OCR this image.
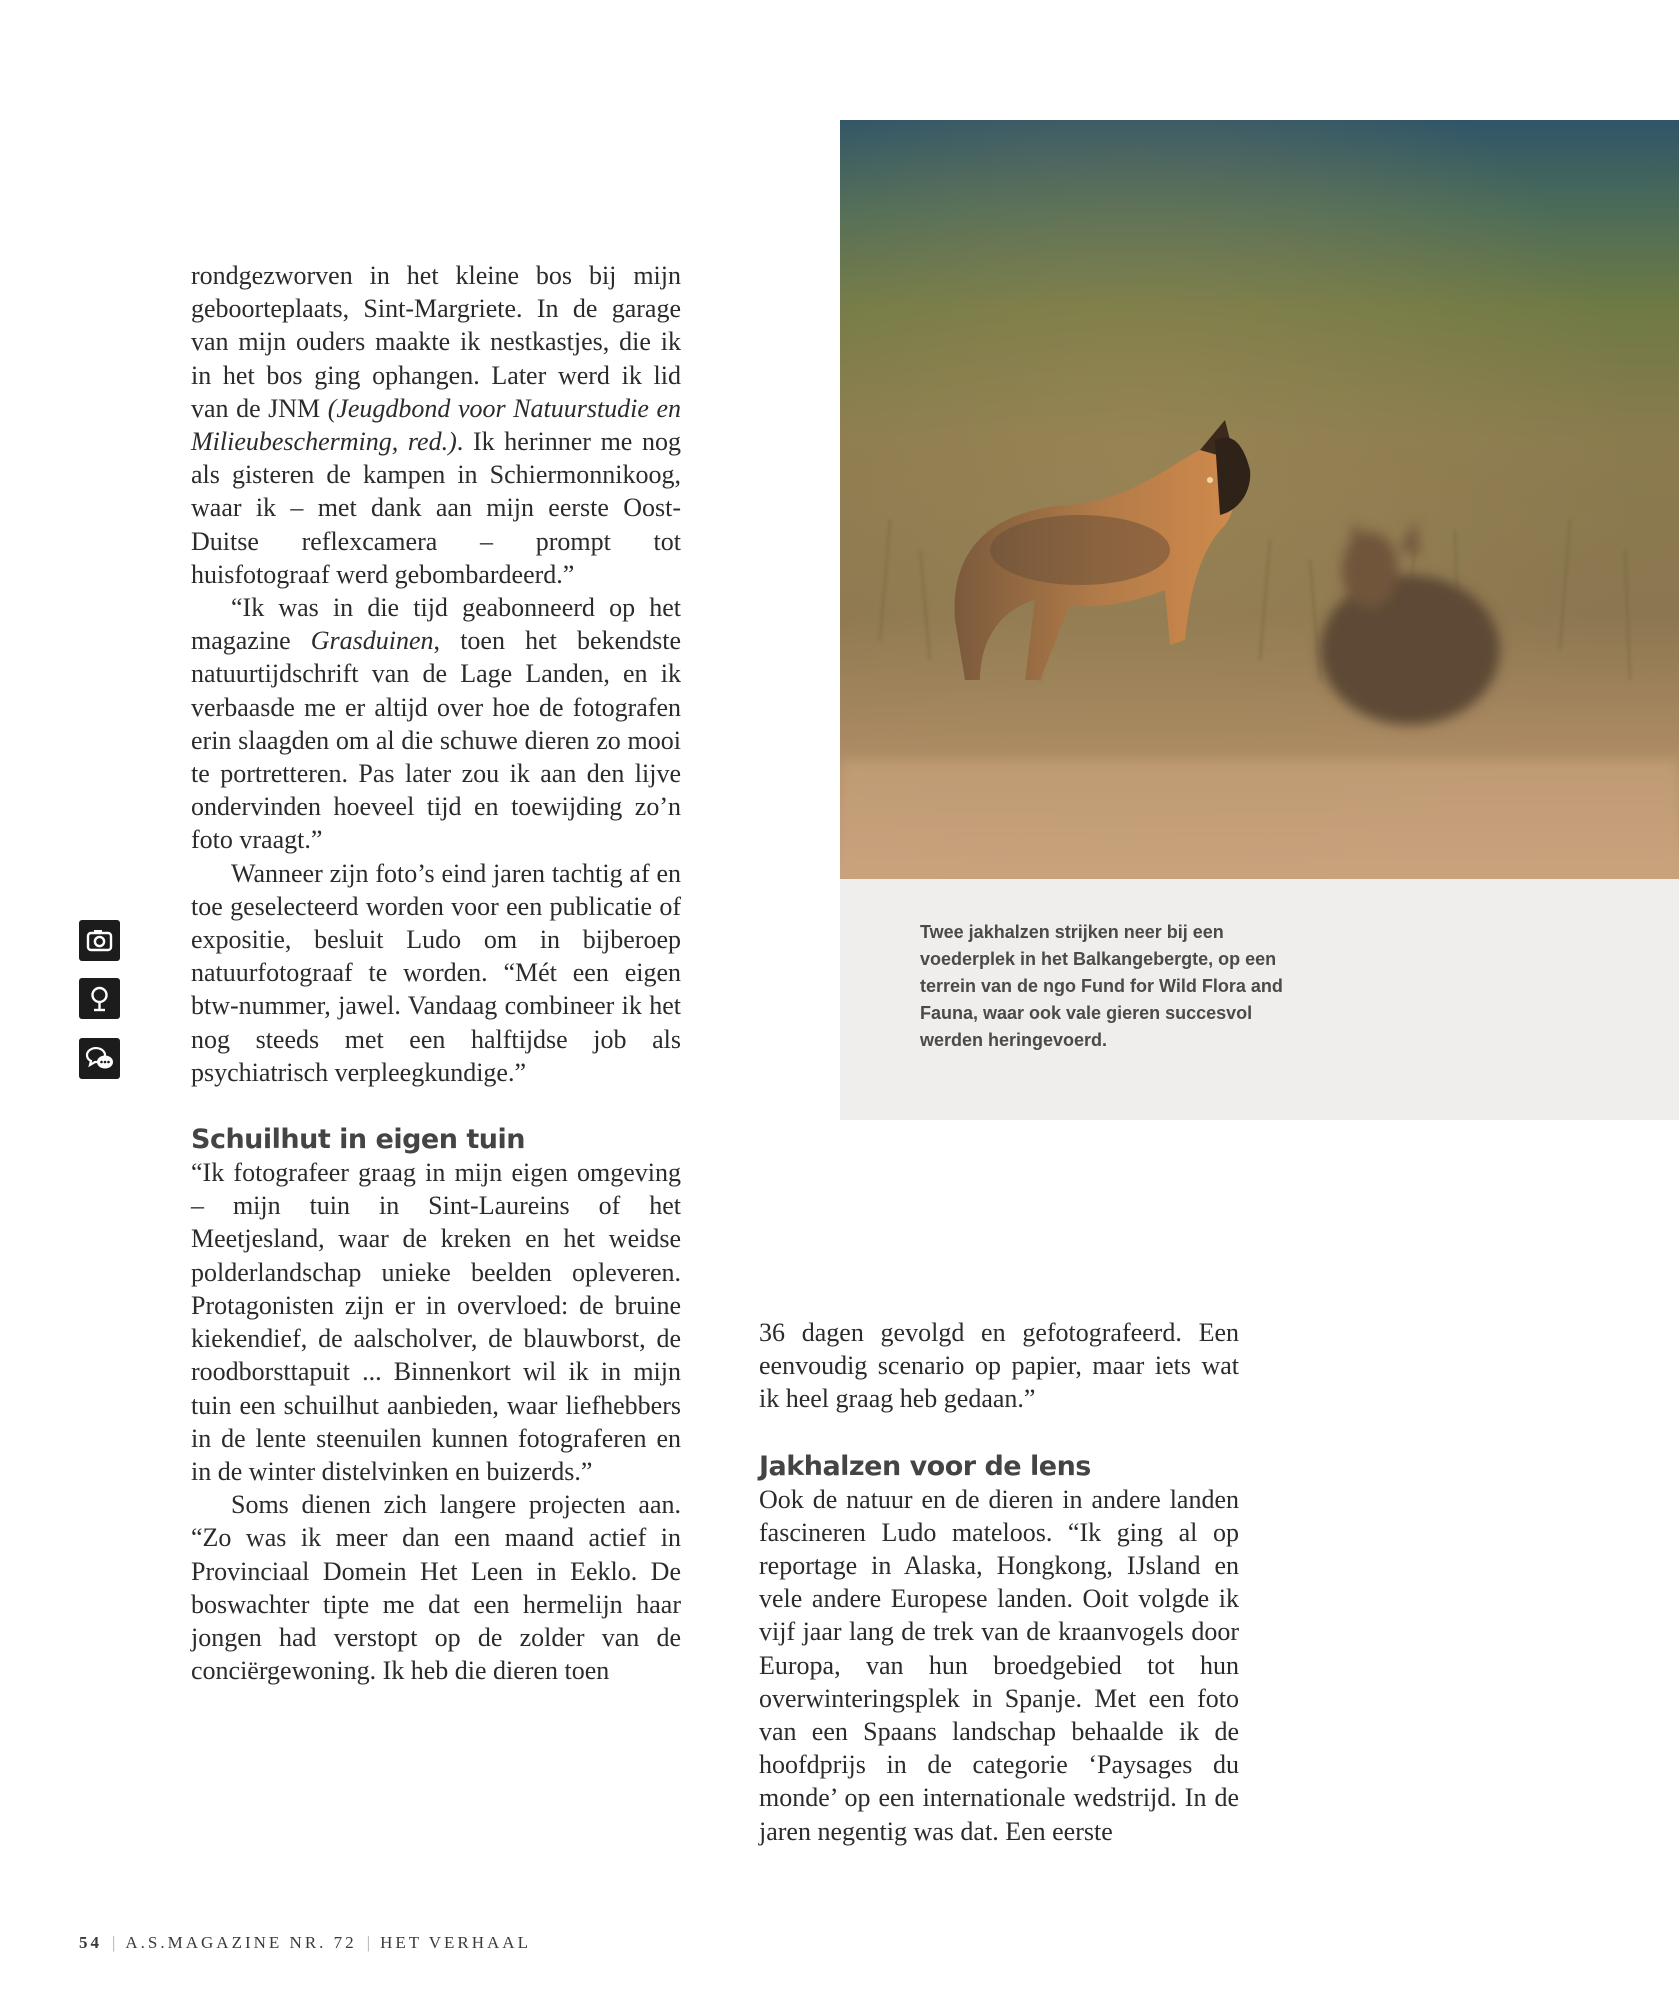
rondgezworven in het kleine bos bij mijn geboorteplaats, Sint-Margriete. In de garage van mijn ouders maakte ik nestkastjes, die ik in het bos ging ophangen. Later werd ik lid van de JNM (Jeugdbond voor Natuurstudie en Milieubescherming, red.). Ik herinner me nog als gisteren de kampen in Schiermonnikoog, waar ik – met dank aan mijn eerste Oost-Duitse reflexcamera – prompt tot huisfotograaf werd gebombardeerd.”

“Ik was in die tijd geabonneerd op het magazine Grasduinen, toen het bekendste natuurtijdschrift van de Lage Landen, en ik verbaasde me er altijd over hoe de fotografen erin slaagden om al die schuwe dieren zo mooi te portretteren. Pas later zou ik aan den lijve ondervinden hoeveel tijd en toewijding zo’n foto vraagt.”

Wanneer zijn foto’s eind jaren tachtig af en toe geselecteerd worden voor een publicatie of expositie, besluit Ludo om in bijberoep natuurfotograaf te worden. “Mét een eigen btw-nummer, jawel. Vandaag combineer ik het nog steeds met een halftijdse job als psychiatrisch verpleegkundige.”

Schuilhut in eigen tuin

“Ik fotografeer graag in mijn eigen omgeving – mijn tuin in Sint-Laureins of het Meetjesland, waar de kreken en het weidse polderlandschap unieke beelden opleveren. Protagonisten zijn er in overvloed: de bruine kiekendief, de aalscholver, de blauwborst, de roodborsttapuit ... Binnenkort wil ik in mijn tuin een schuilhut aanbieden, waar liefhebbers in de lente steenuilen kunnen fotograferen en in de winter distelvinken en buizerds.”

Soms dienen zich langere projecten aan. “Zo was ik meer dan een maand actief in Provinciaal Domein Het Leen in Eeklo. De boswachter tipte me dat een hermelijn haar jongen had verstopt op de zolder van de conciërgewoning. Ik heb die dieren toen

Twee jakhalzen strijken neer bij een voederplek in het Balkangebergte, op een terrein van de ngo Fund for Wild Flora and Fauna, waar ook vale gieren succesvol werden heringevoerd.

36 dagen gevolgd en gefotografeerd. Een eenvoudig scenario op papier, maar iets wat ik heel graag heb gedaan.”

Jakhalzen voor de lens

Ook de natuur en de dieren in andere landen fascineren Ludo mateloos. “Ik ging al op reportage in Alaska, Hongkong, IJsland en vele andere Europese landen. Ooit volgde ik vijf jaar lang de trek van de kraanvogels door Europa, van hun broedgebied tot hun overwinteringsplek in Spanje. Met een foto van een Spaans landschap behaalde ik de hoofdprijs in de categorie ‘Paysages du monde’ op een internationale wedstrijd. In de jaren negentig was dat. Een eerste

54 | A.S.MAGAZINE NR. 72 | HET VERHAAL
